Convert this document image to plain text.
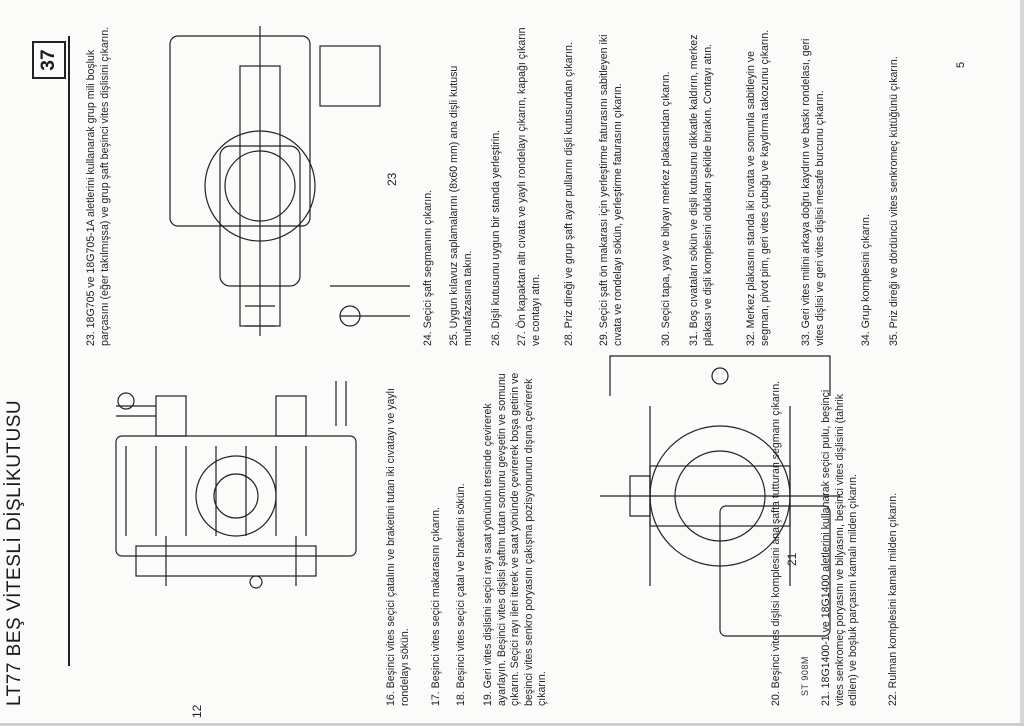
LT77 BEŞ VİTESLİ DİŞLİKUTUSU
37
12
23
21
ST 908M
5
16. Beşinci vites seçici çatalını ve braketini tutan iki cıvatayı ve yaylı rondelayı sökün. 17. Beşinci vites seçici makarasını çıkarın. 18. Beşinci vites seçici çatal ve braketini sökün. 19. Geri vites dişlisini seçici rayı saat yönünün tersinde çevirerek ayarlayın. Beşinci vites dişlisi şaftını tutan somunu gevşetin ve somunu çıkarın. Seçici rayı ileri iterek ve saat yönünde çevirerek boşa getirin ve beşinci vites senkro poryasını çakışma pozisyonunun dışına çevirerek çıkarın.	20. Beşinci vites dişlisi komplesini ana şafta tutturan segmanı çıkarın.	21. 18G1400-1 ve 18G1400 aletlerini kullanarak seçici pulu, beşinci vites senkromeç poryasını ve bilyasını, beşinci vites dişlisini (tahrik edilen) ve boşluk parçasını kamalı milden çıkarın.	22. Rulman komplesini kamalı milden çıkarın.
23. 18G705 ve 18G705-1A aletlerini kullanarak grup mili boşluk parçasını (eğer takılmışsa) ve grup şaft beşinci vites dişlisini çıkarın.	24. Seçici şaft segmanını çıkarın. 25. Uygun kılavuz saplamalarını (8x60 mm) ana dişli kutusu muhafazasına takın. 26. Dişli kutusunu uygun bir standa yerleştirin. 27. Ön kapaktan altı cıvata ve yaylı rondelayı çıkarın, kapağı çıkarın ve contayı atın. 28. Priz direği ve grup şaft ayar pullarını dişli kutusundan çıkarın. 29. Seçici şaft ön makarası için yerleştirme faturasını sabitleyen iki cıvata ve rondelayı sökün, yerleştirme faturasını çıkarın.	30. Seçici tapa, yay ve bilyayı merkez plakasından çıkarın. 31. Boş cıvataları sökün ve dişli kutusunu dikkatle kaldırın, merkez plakası ve dişli komplesini oldukları şekilde bırakın. Contayı atın.	32. Merkez plakasını standa iki cıvata ve somunla sabitleyin ve segman, pivot pim, geri vites çubuğu ve kaydırma takozunu çıkarın.	33. Geri vites milini arkaya doğru kaydırın ve baskı rondelası, geri vites dişlisi ve geri vites dişlisi mesafe burcunu çıkarın.	34. Grup komplesini çıkarın. 35. Priz direği ve dördüncü vites senkromeç kütüğünü çıkarın.
